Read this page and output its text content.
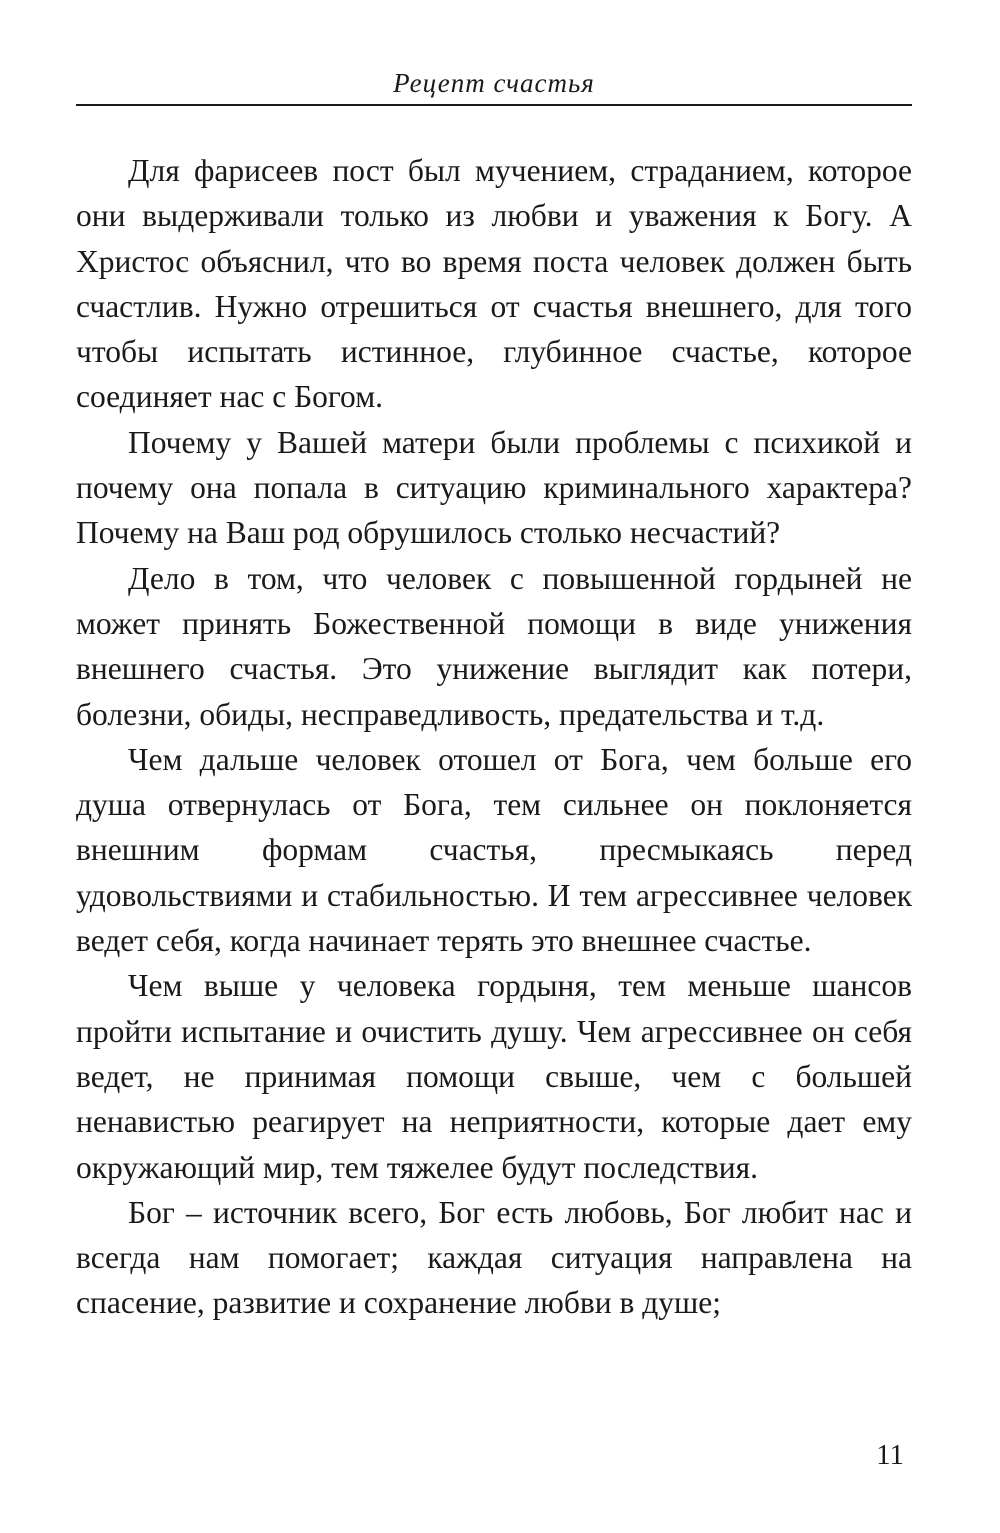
Рецепт счастья

Для фарисеев пост был мучением, страданием, которое они выдерживали только из любви и уважения к Богу. А Христос объяснил, что во время поста человек должен быть счастлив. Нужно отрешиться от счастья внешнего, для того чтобы испытать истинное, глубинное счастье, которое соединяет нас с Богом.

Почему у Вашей матери были проблемы с психикой и почему она попала в ситуацию криминального характера? Почему на Ваш род обрушилось столько несчастий?

Дело в том, что человек с повышенной гордыней не может принять Божественной помощи в виде унижения внешнего счастья. Это унижение выглядит как потери, болезни, обиды, несправедливость, предательства и т.д.

Чем дальше человек отошел от Бога, чем больше его душа отвернулась от Бога, тем сильнее он поклоняется внешним формам счастья, пресмыкаясь перед удовольствиями и стабильностью. И тем агрессивнее человек ведет себя, когда начинает терять это внешнее счастье.

Чем выше у человека гордыня, тем меньше шансов пройти испытание и очистить душу. Чем агрессивнее он себя ведет, не принимая помощи свыше, чем с большей ненавистью реагирует на неприятности, которые дает ему окружающий мир, тем тяжелее будут последствия.

Бог – источник всего, Бог есть любовь, Бог любит нас и всегда нам помогает; каждая ситуация направлена на спасение, развитие и сохранение любви в душе;

11
